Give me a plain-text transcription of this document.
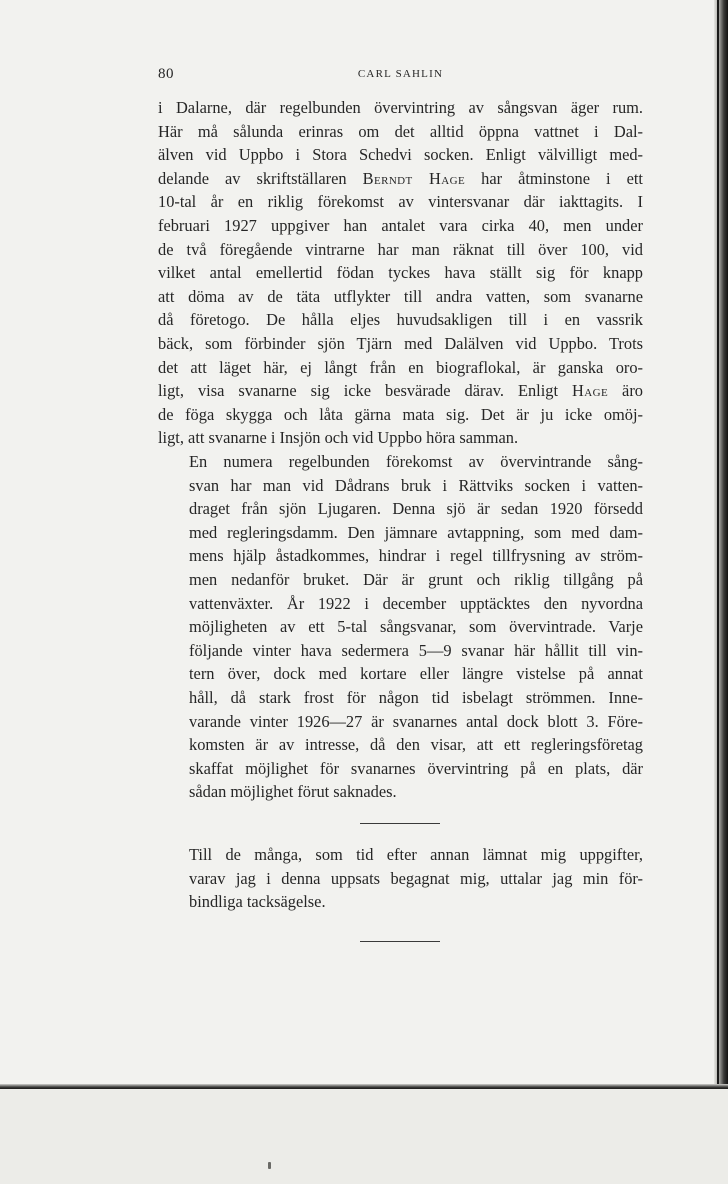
80	CARL SAHLIN

i Dalarne, där regelbunden övervintring av sångsvan äger rum.
Här må sålunda erinras om det alltid öppna vattnet i Dal-
älven vid Uppbo i Stora Schedvi socken. Enligt välvilligt med-
delande av skriftställaren Berndt Hage har åtminstone i ett
10-tal år en riklig förekomst av vintersvanar där iakttagits. I
februari 1927 uppgiver han antalet vara cirka 40, men under
de två föregående vintrarne har man räknat till över 100, vid
vilket antal emellertid födan tyckes hava ställt sig för knapp
att döma av de täta utflykter till andra vatten, som svanarne
då företogo. De hålla eljes huvudsakligen till i en vassrik
bäck, som förbinder sjön Tjärn med Dalälven vid Uppbo. Trots
det att läget här, ej långt från en biograflokal, är ganska oro-
ligt, visa svanarne sig icke besvärade därav. Enligt Hage äro
de föga skygga och låta gärna mata sig. Det är ju icke omöj-
ligt, att svanarne i Insjön och vid Uppbo höra samman.

En numera regelbunden förekomst av övervintrande sång-
svan har man vid Dådrans bruk i Rättviks socken i vatten-
draget från sjön Ljugaren. Denna sjö är sedan 1920 försedd
med regleringsdamm. Den jämnare avtappning, som med dam-
mens hjälp åstadkommes, hindrar i regel tillfrysning av ström-
men nedanför bruket. Där är grunt och riklig tillgång på
vattenväxter. År 1922 i december upptäcktes den nyvordna
möjligheten av ett 5-tal sångsvanar, som övervintrade. Varje
följande vinter hava sedermera 5—9 svanar här hållit till vin-
tern över, dock med kortare eller längre vistelse på annat
håll, då stark frost för någon tid isbelagt strömmen. Inne-
varande vinter 1926—27 är svanarnes antal dock blott 3. Före-
komsten är av intresse, då den visar, att ett regleringsföretag
skaffat möjlighet för svanarnes övervintring på en plats, där
sådan möjlighet förut saknades.

Till de många, som tid efter annan lämnat mig uppgifter,
varav jag i denna uppsats begagnat mig, uttalar jag min för-
bindliga tacksägelse.
